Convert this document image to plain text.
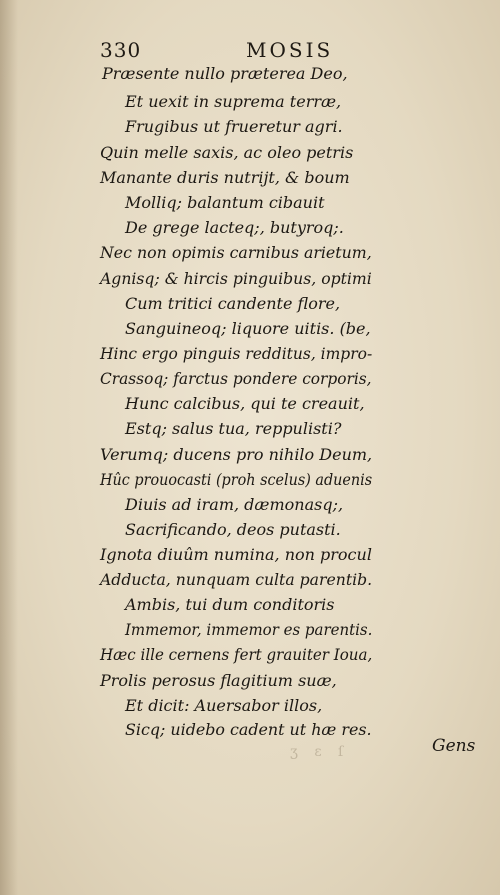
330	MOSIS
Præsente nullo præterea Deo,
Et uexit in suprema terræ,
Frugibus ut frueretur agri.
Quin melle saxis, ac oleo petris
Manante duris nutrijt, & boum
Molliq; balantum cibauit
De grege lacteq;, butyroq;.
Nec non opimis carnibus arietum,
Agnisq; & hircis pinguibus, optimi
Cum tritici candente flore,
Sanguineoq; liquore uitis. (be,
Hinc ergo pinguis redditus, impro-
Crassoq; farctus pondere corporis,
Hunc calcibus, qui te creauit,
Estq; salus tua, reppulisti?
Verumq; ducens pro nihilo Deum,
Hûc prouocasti (proh scelus) aduenis
Diuis ad iram, dæmonasq;,
Sacrificando, deos putasti.
Ignota diuûm numina, non procul
Adducta, nunquam culta parentib.
Ambis, tui dum conditoris
Immemor, immemor es parentis.
Hæc ille cernens fert grauiter Ioua,
Prolis perosus flagitium suæ,
Et dicit: Auersabor illos,
Sicq; uidebo cadent ut hæ res.
ʒ ɛ ſ	Gens
